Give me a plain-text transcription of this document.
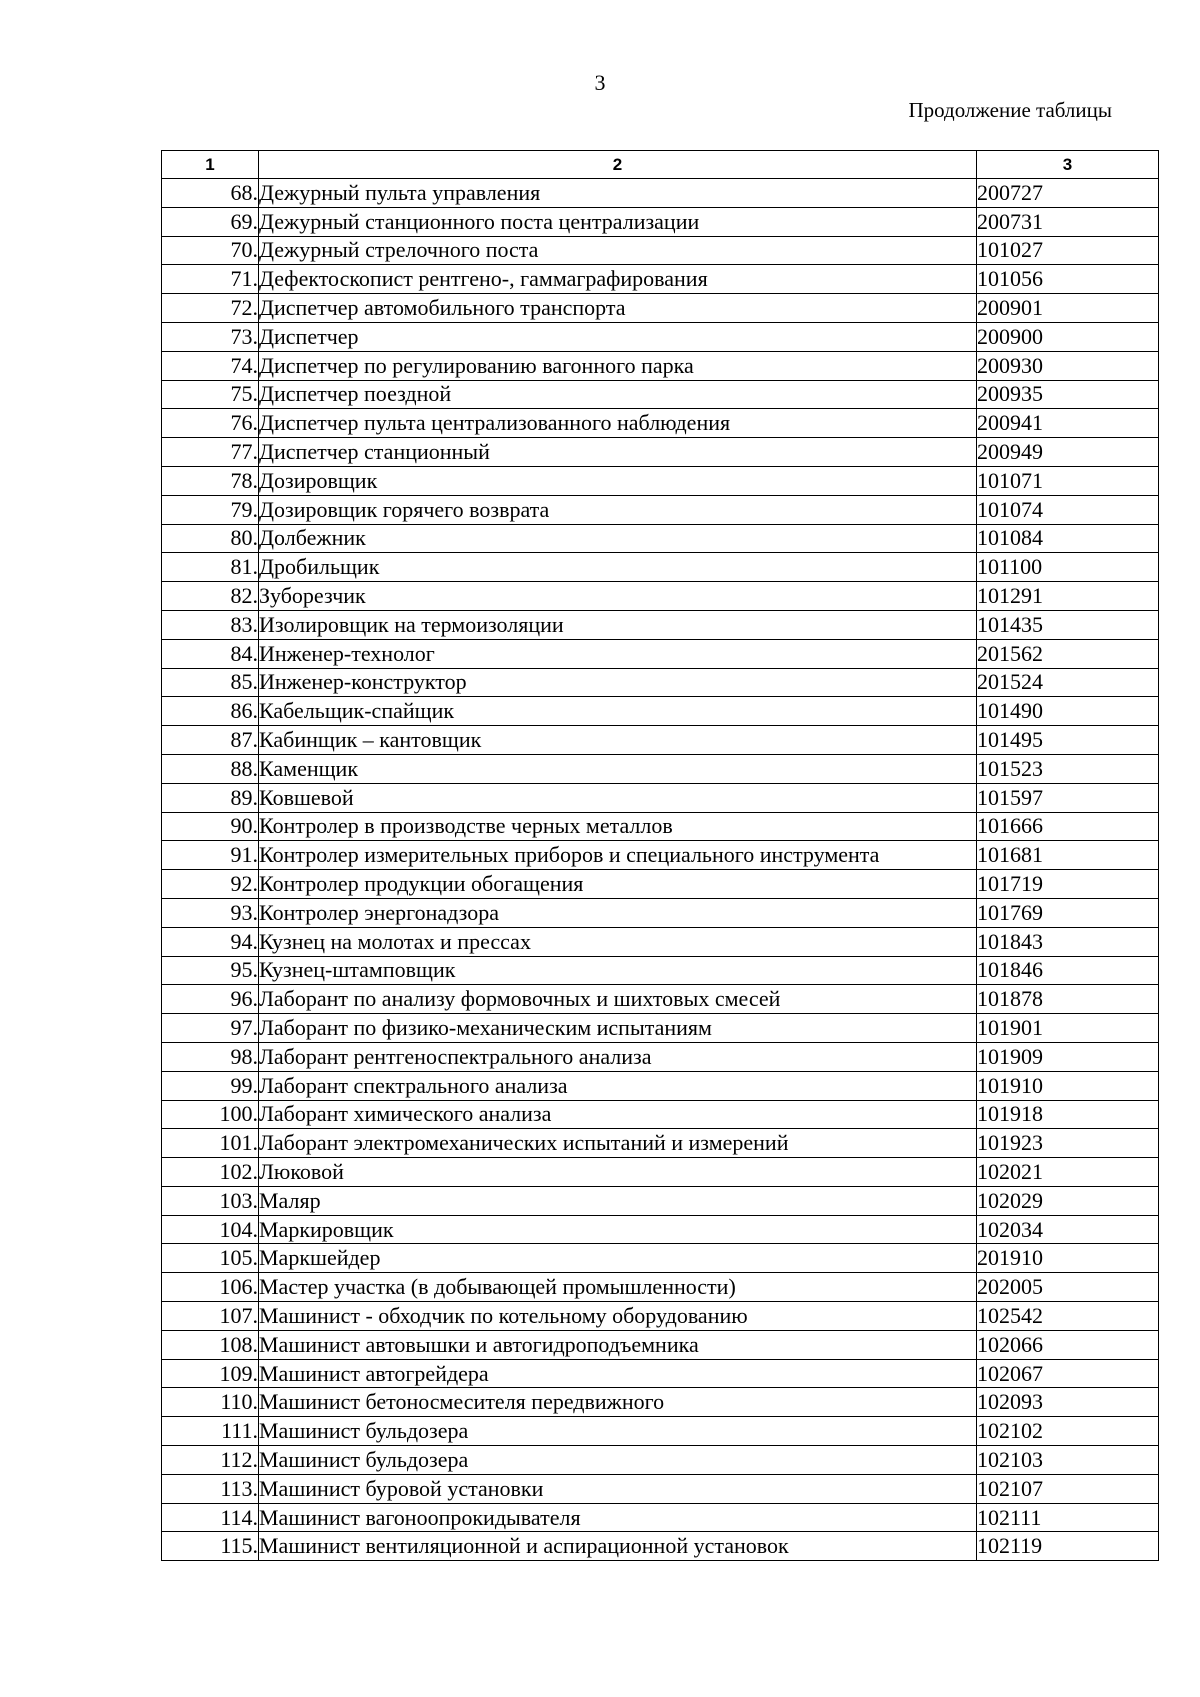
3
Продолжение таблицы
1	2	3
68.	Дежурный пульта управления	200727
69.	Дежурный станционного поста централизации	200731
70.	Дежурный стрелочного поста	101027
71.	Дефектоскопист рентгено-, гаммаграфирования	101056
72.	Диспетчер автомобильного транспорта	200901
73.	Диспетчер	200900
74.	Диспетчер по регулированию вагонного парка	200930
75.	Диспетчер поездной	200935
76.	Диспетчер пульта централизованного наблюдения	200941
77.	Диспетчер станционный	200949
78.	Дозировщик	101071
79.	Дозировщик горячего возврата	101074
80.	Долбежник	101084
81.	Дробильщик	101100
82.	Зуборезчик	101291
83.	Изолировщик на термоизоляции	101435
84.	Инженер-технолог	201562
85.	Инженер-конструктор	201524
86.	Кабельщик-спайщик	101490
87.	Кабинщик – кантовщик	101495
88.	Каменщик	101523
89.	Ковшевой	101597
90.	Контролер в производстве черных металлов	101666
91.	Контролер измерительных приборов и специального инструмента	101681
92.	Контролер продукции обогащения	101719
93.	Контролер энергонадзора	101769
94.	Кузнец на молотах и прессах	101843
95.	Кузнец-штамповщик	101846
96.	Лаборант по анализу формовочных и шихтовых смесей	101878
97.	Лаборант по физико-механическим испытаниям	101901
98.	Лаборант рентгеноспектрального анализа	101909
99.	Лаборант спектрального анализа	101910
100.	Лаборант химического анализа	101918
101.	Лаборант электромеханических испытаний и измерений	101923
102.	Люковой	102021
103.	Маляр	102029
104.	Маркировщик	102034
105.	Маркшейдер	201910
106.	Мастер участка (в добывающей промышленности)	202005
107.	Машинист - обходчик по котельному оборудованию	102542
108.	Машинист автовышки и автогидроподъемника	102066
109.	Машинист автогрейдера	102067
110.	Машинист бетоносмесителя передвижного	102093
111.	Машинист бульдозера	102102
112.	Машинист бульдозера	102103
113.	Машинист буровой установки	102107
114.	Машинист вагоноопрокидывателя	102111
115.	Машинист вентиляционной и аспирационной установок	102119
